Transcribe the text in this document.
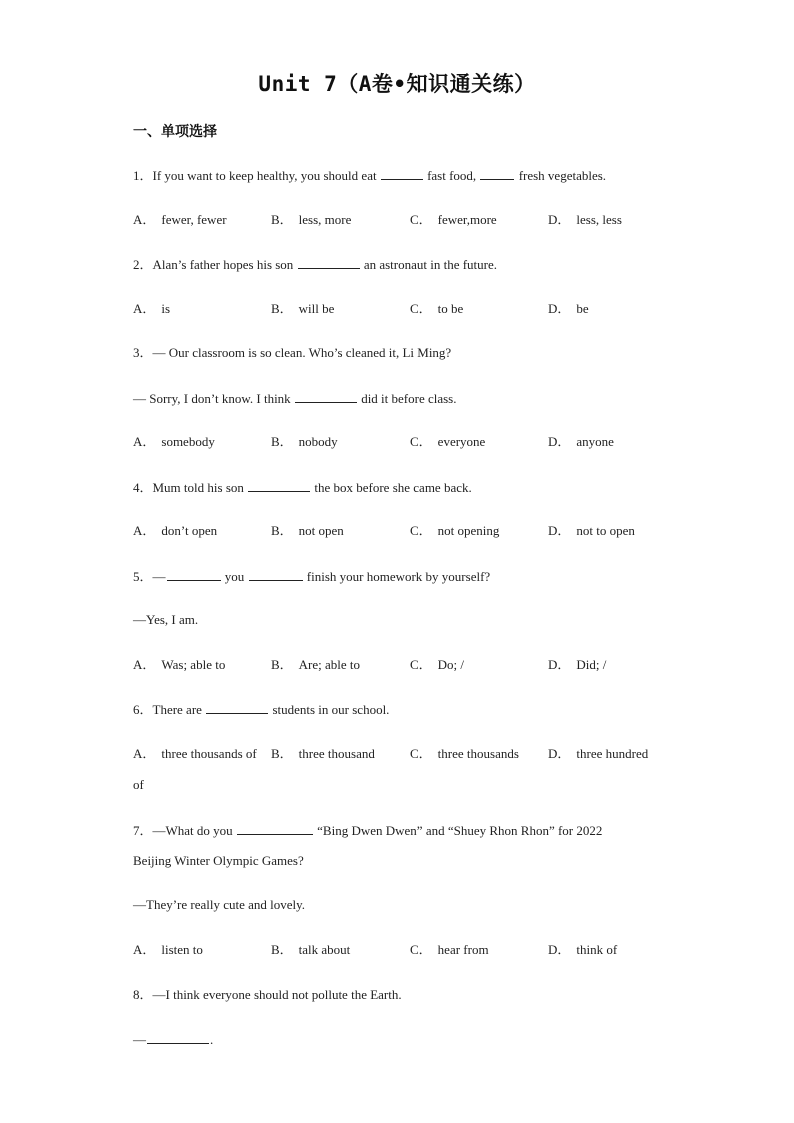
Unit 7（A卷•知识通关练）
一、单项选择
1．If you want to keep healthy, you should eat	fast food,	fresh vegetables.
A． fewer, fewer	B． less, more	C． fewer,more	D． less, less
2．Alan’s father hopes his son	an astronaut in the future.
A． is	B． will be	C． to be	D． be
3．— Our classroom is so clean. Who’s cleaned it, Li Ming?
— Sorry, I don’t know. I think	did it before class.
A． somebody	B． nobody	C． everyone	D． anyone
4．Mum told his son	the box before she came back.
A． don’t open	B． not open	C． not opening	D． not to open
5．—	you	finish your homework by yourself?
—Yes, I am.
A． Was; able to	B． Are; able to	C． Do; /	D． Did; /
6．There are	students in our school.
A． three thousands of B． three thousand	C． three thousands D． three hundred
of
7．—What do you	“Bing Dwen Dwen” and “Shuey Rhon Rhon” for 2022
Beijing Winter Olympic Games?
—They’re really cute and lovely.
A． listen to	B． talk about	C． hear from	D． think of
8．—I think everyone should not pollute the Earth.
—	.
